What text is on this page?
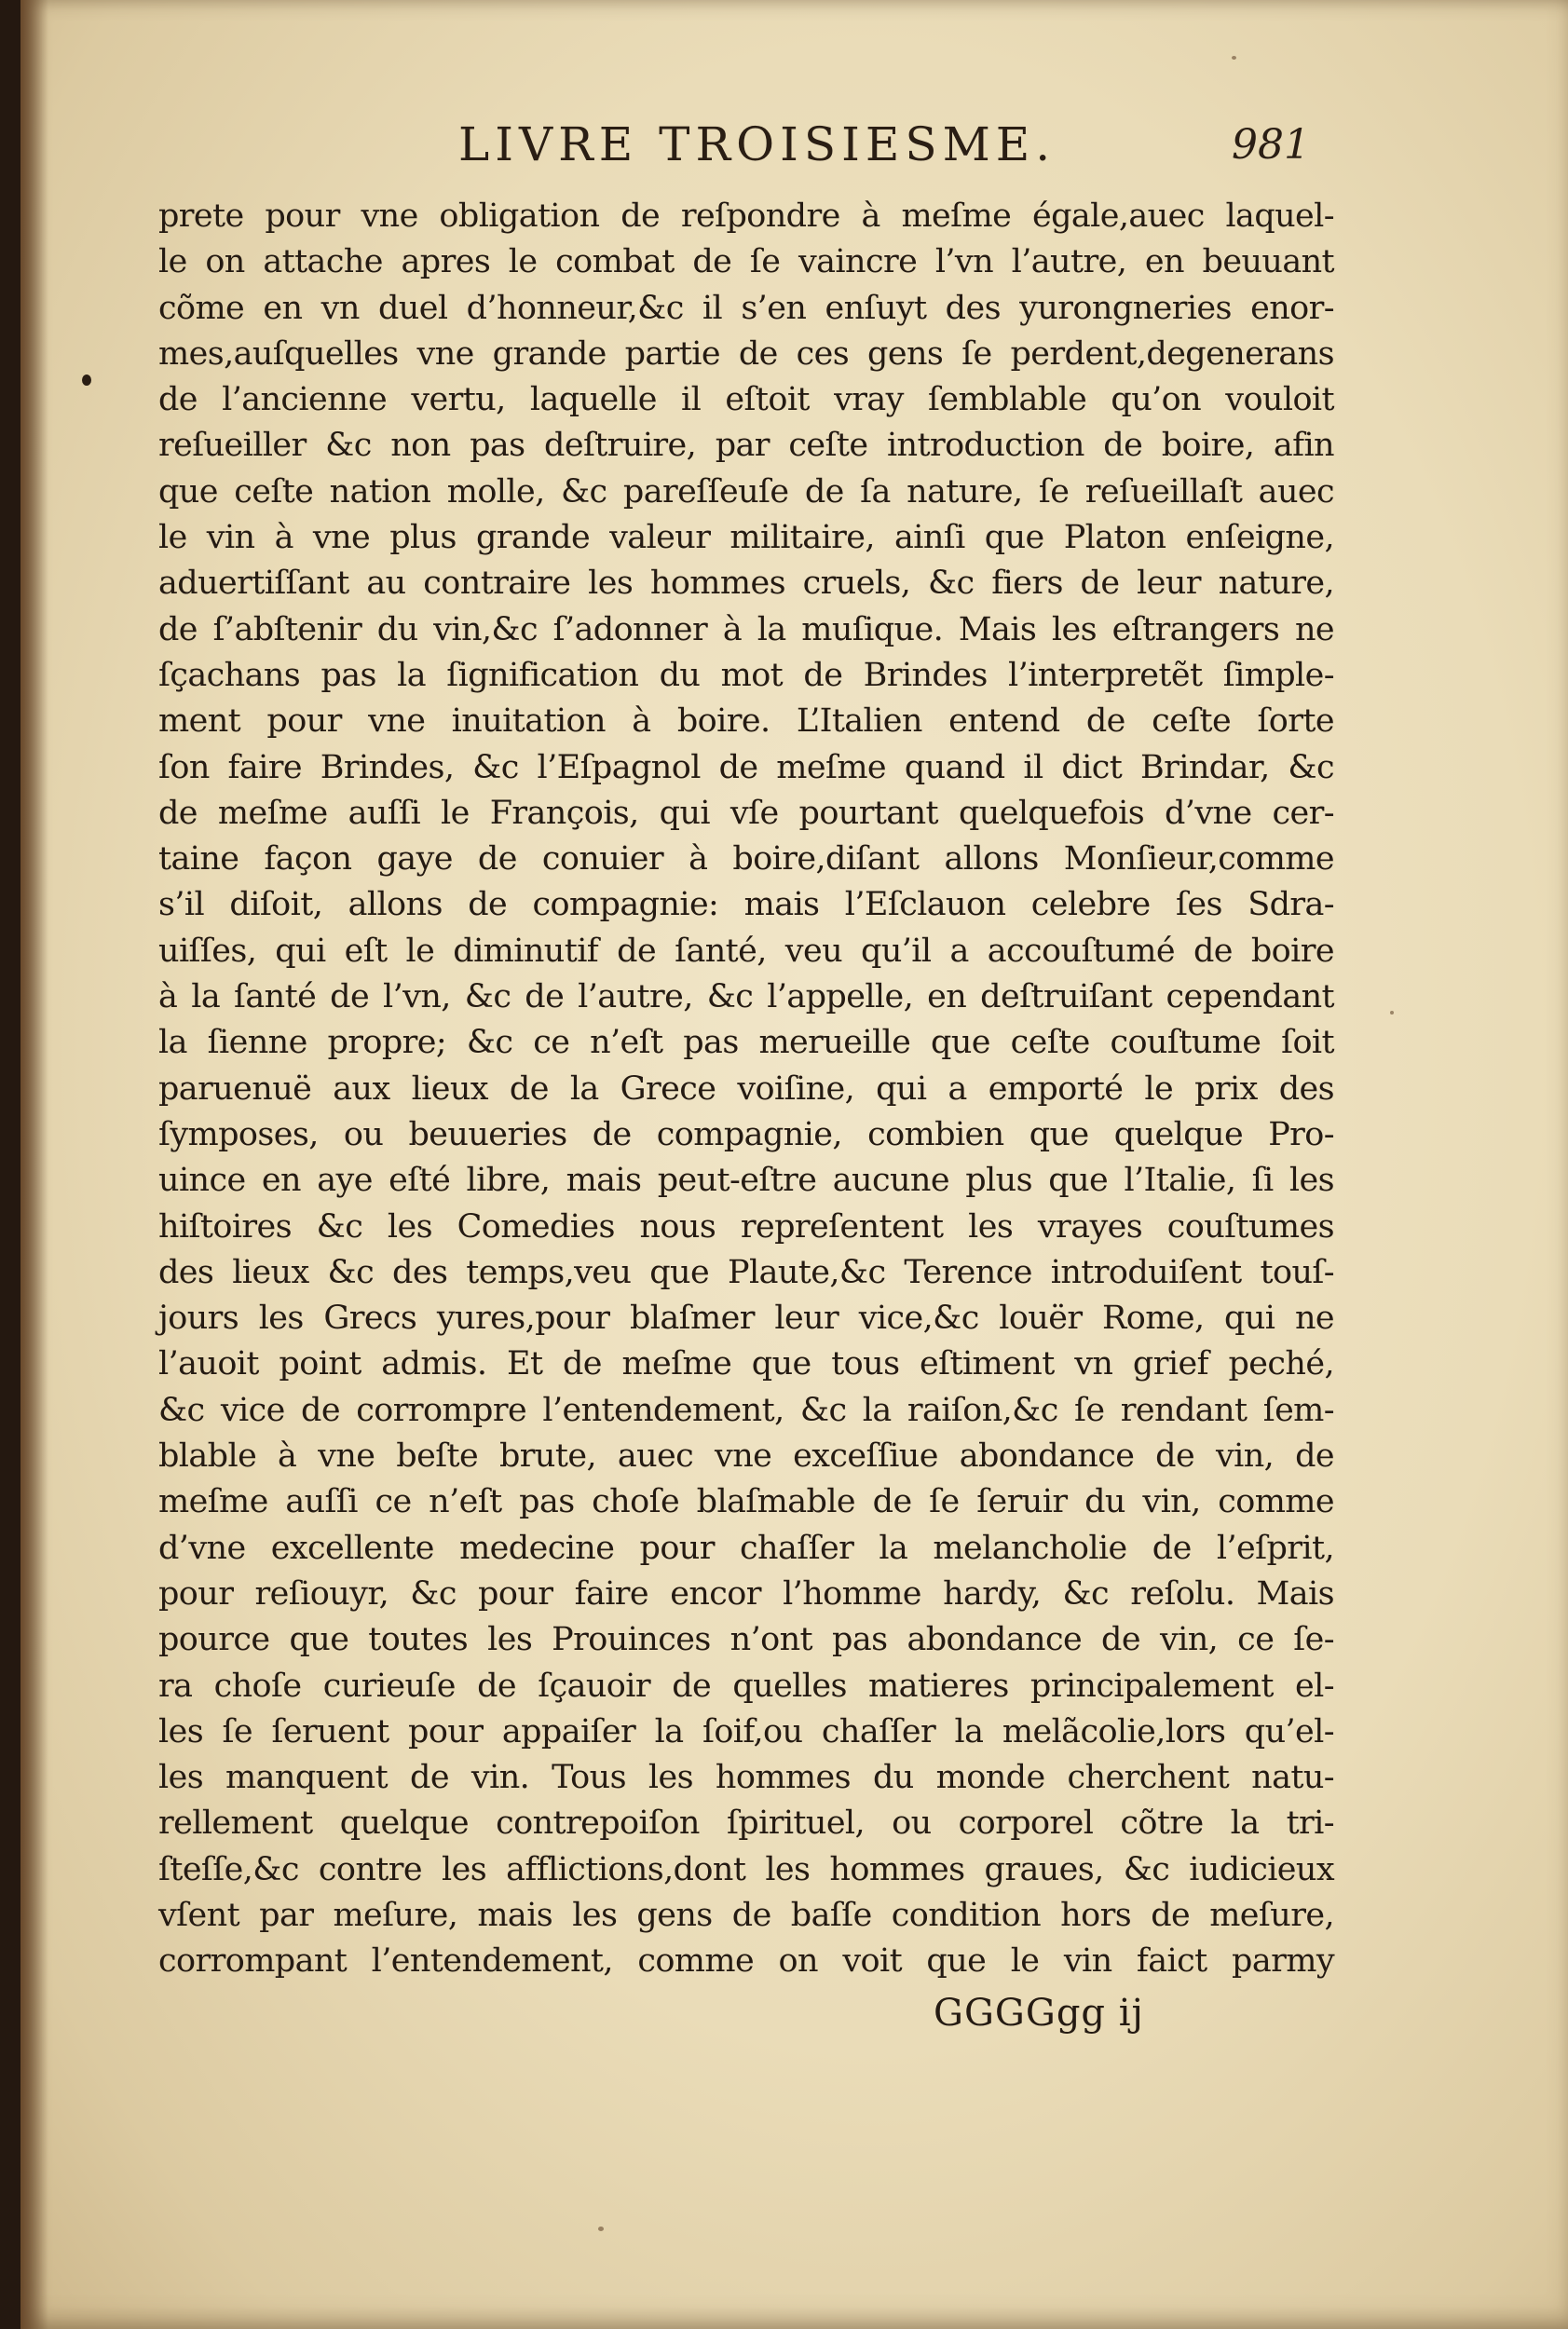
LIVRE TROISIESME.	981
prete pour vne obligation de reſpondre à meſme égale,auec laquel-
le on attache apres le combat de ſe vaincre l’vn l’autre, en beuuant
cõme en vn duel d’honneur,&c il s’en enſuyt des yurongneries enor-
mes,auſquelles vne grande partie de ces gens ſe perdent,degenerans
de l’ancienne vertu, laquelle il eſtoit vray ſemblable qu’on vouloit
reſueiller &c non pas deſtruire, par ceſte introduction de boire, afin
que ceſte nation molle, &c pareſſeuſe de ſa nature, ſe reſueillaſt auec
le vin à vne plus grande valeur militaire, ainſi que Platon enſeigne,
aduertiſſant au contraire les hommes cruels, &c fiers de leur nature,
de ſ’abſtenir du vin,&c ſ’adonner à la muſique. Mais les eſtrangers ne
ſçachans pas la ſignification du mot de Brindes l’interpretẽt ſimple-
ment pour vne inuitation à boire. L’Italien entend de ceſte ſorte
ſon faire Brindes, &c l’Eſpagnol de meſme quand il dict Brindar, &c
de meſme auſſi le François, qui vſe pourtant quelquefois d’vne cer-
taine façon gaye de conuier à boire,diſant allons Monſieur,comme
s’il diſoit, allons de compagnie: mais l’Eſclauon celebre ſes Sdra-
uiſſes, qui eſt le diminutif de ſanté, veu qu’il a accouſtumé de boire
à la ſanté de l’vn, &c de l’autre, &c l’appelle, en deſtruiſant cependant
la ſienne propre; &c ce n’eſt pas merueille que ceſte couſtume ſoit
paruenuë aux lieux de la Grece voiſine, qui a emporté le prix des
ſymposes, ou beuueries de compagnie, combien que quelque Pro-
uince en aye eſté libre, mais peut-eſtre aucune plus que l’Italie, ſi les
hiſtoires &c les Comedies nous repreſentent les vrayes couſtumes
des lieux &c des temps,veu que Plaute,&c Terence introduiſent touſ-
jours les Grecs yures,pour blaſmer leur vice,&c louër Rome, qui ne
l’auoit point admis. Et de meſme que tous eſtiment vn grief peché,
&c vice de corrompre l’entendement, &c la raiſon,&c ſe rendant ſem-
blable à vne beſte brute, auec vne exceſſiue abondance de vin, de
meſme auſſi ce n’eſt pas choſe blaſmable de ſe ſeruir du vin, comme
d’vne excellente medecine pour chaſſer la melancholie de l’eſprit,
pour reſiouyr, &c pour faire encor l’homme hardy, &c reſolu. Mais
pource que toutes les Prouinces n’ont pas abondance de vin, ce ſe-
ra choſe curieuſe de ſçauoir de quelles matieres principalement el-
les ſe ſeruent pour appaiſer la ſoif,ou chaſſer la melãcolie,lors qu’el-
les manquent de vin. Tous les hommes du monde cherchent natu-
rellement quelque contrepoiſon ſpirituel, ou corporel cõtre la tri-
ſteſſe,&c contre les afflictions,dont les hommes graues, &c iudicieux
vſent par meſure, mais les gens de baſſe condition hors de meſure,
corrompant l’entendement, comme on voit que le vin faict parmy
GGGGgg ij
